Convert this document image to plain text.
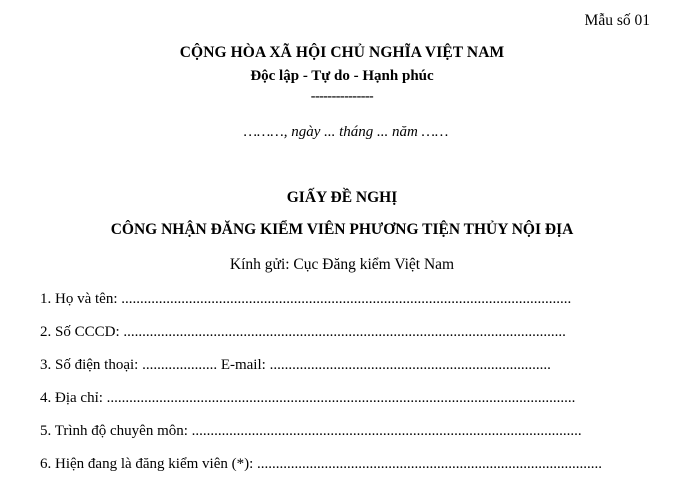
Mẫu số 01
CỘNG HÒA XÃ HỘI CHỦ NGHĨA VIỆT NAM
Độc lập - Tự do - Hạnh phúc
---------------
………, ngày ... tháng ... năm ……
GIẤY ĐỀ NGHỊ
CÔNG NHẬN ĐĂNG KIỂM VIÊN PHƯƠNG TIỆN THỦY NỘI ĐỊA
Kính gửi: Cục Đăng kiểm Việt Nam
1. Họ và tên: ........................................................................................................................
2. Số CCCD: ......................................................................................................................
3. Số điện thoại: .................... E-mail: ...........................................................................
4. Địa chỉ: .............................................................................................................................
5. Trình độ chuyên môn: ........................................................................................................
6. Hiện đang là đăng kiểm viên (*): ............................................................................................
